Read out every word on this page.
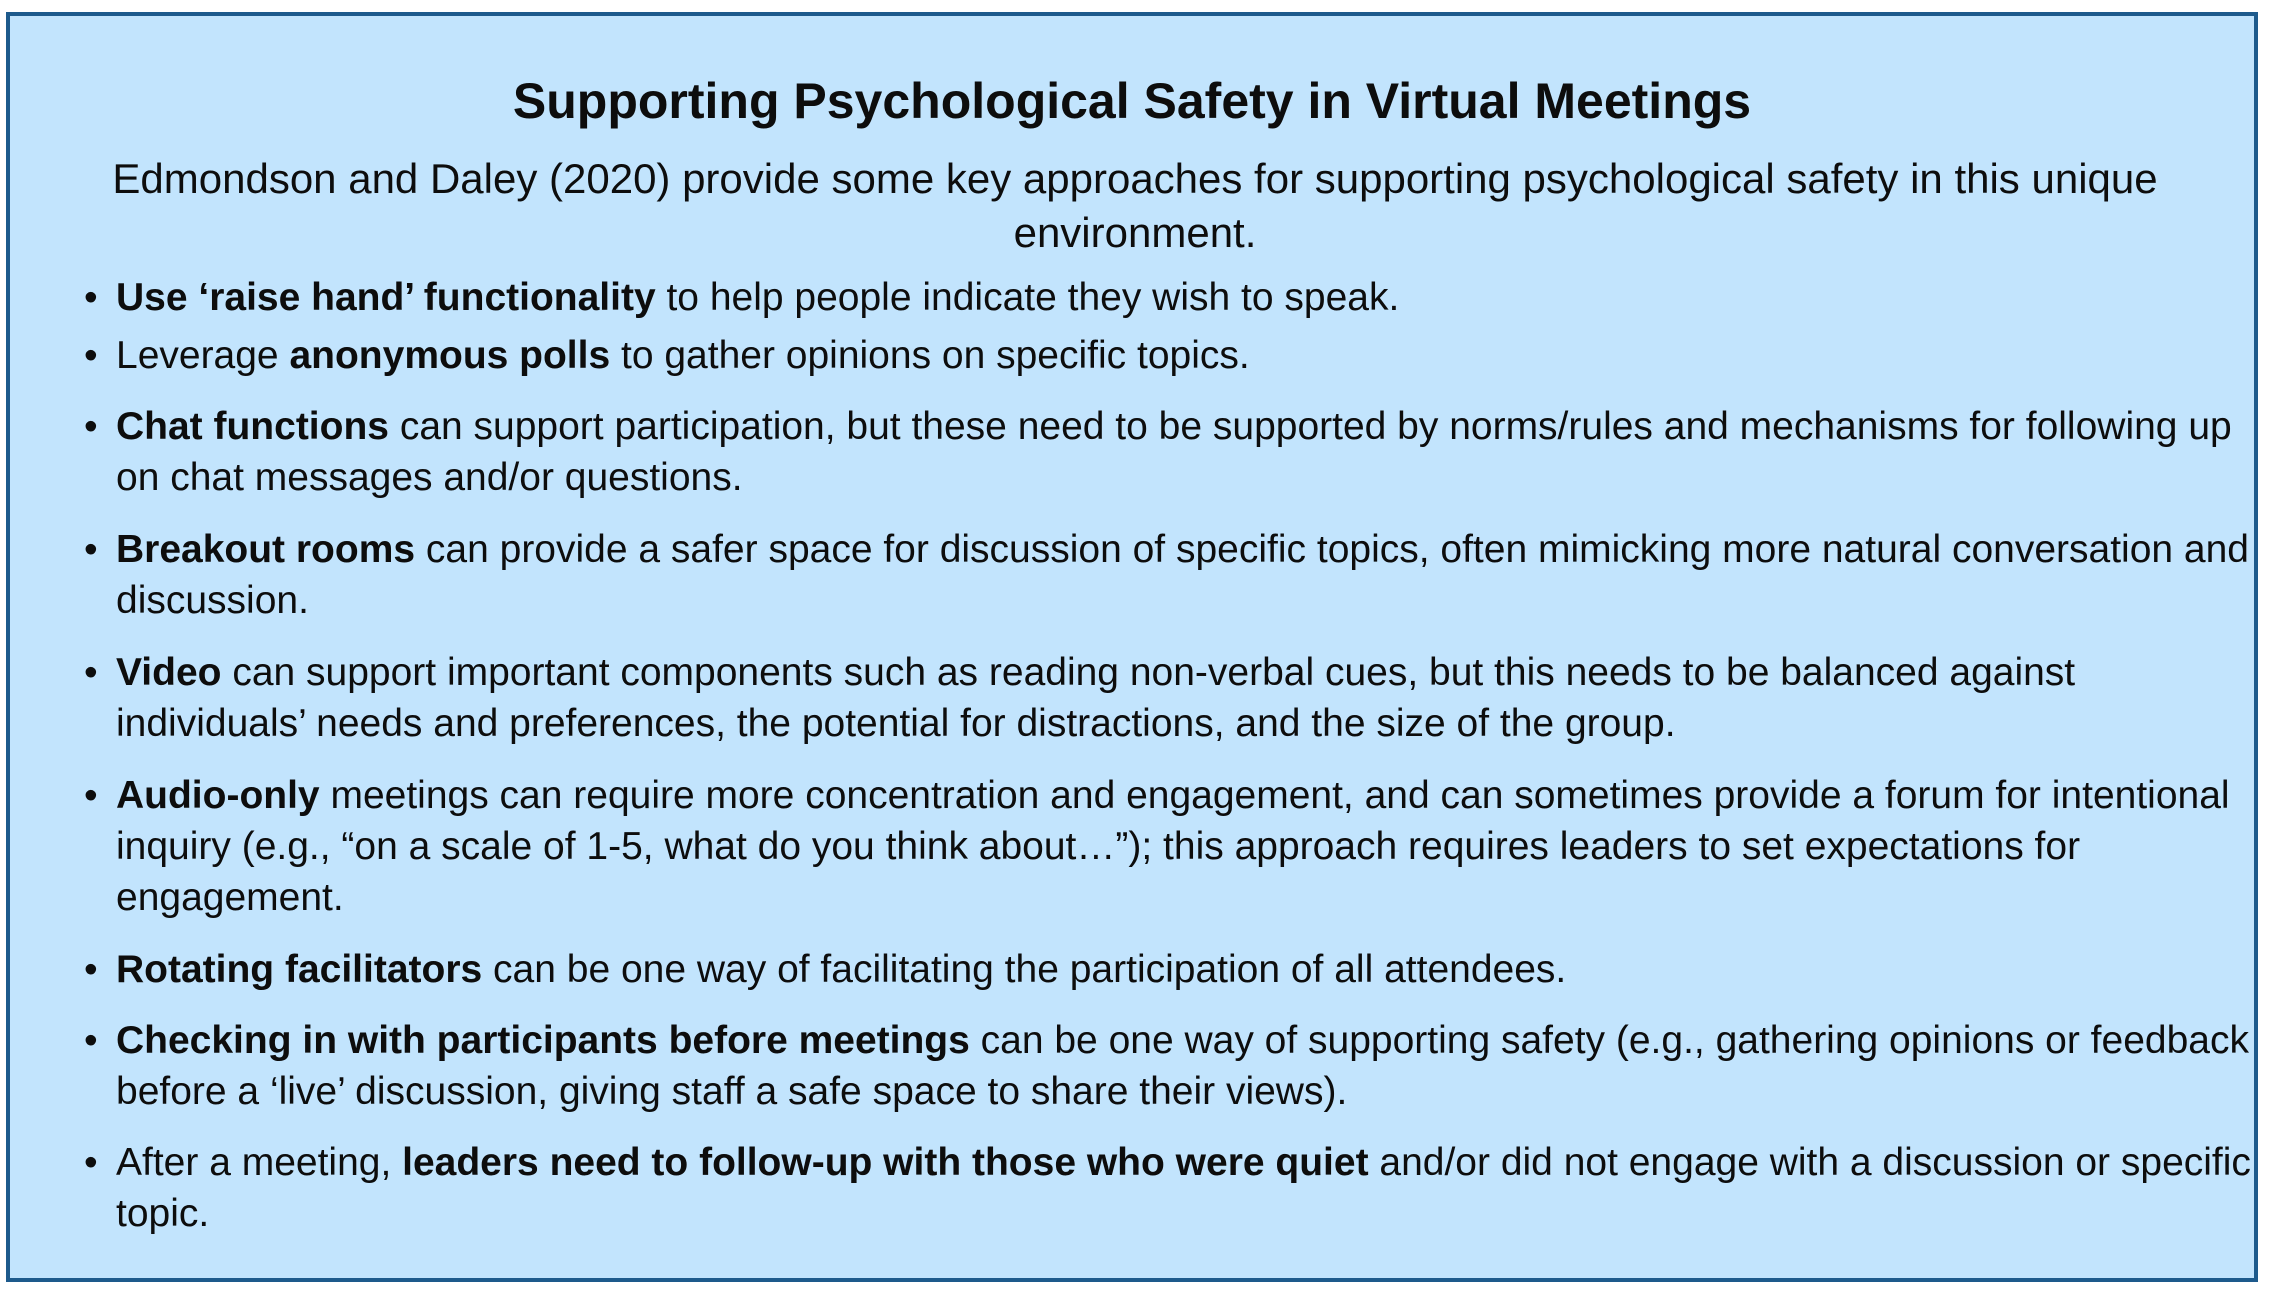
Supporting Psychological Safety in Virtual Meetings

Edmondson and Daley (2020) provide some key approaches for supporting psychological safety in this unique environment.

• Use ‘raise hand’ functionality to help people indicate they wish to speak.
• Leverage anonymous polls to gather opinions on specific topics.
• Chat functions can support participation, but these need to be supported by norms/rules and mechanisms for following up on chat messages and/or questions.
• Breakout rooms can provide a safer space for discussion of specific topics, often mimicking more natural conversation and discussion.
• Video can support important components such as reading non-verbal cues, but this needs to be balanced against individuals’ needs and preferences, the potential for distractions, and the size of the group.
• Audio-only meetings can require more concentration and engagement, and can sometimes provide a forum for intentional inquiry (e.g., “on a scale of 1-5, what do you think about…”); this approach requires leaders to set expectations for engagement.
• Rotating facilitators can be one way of facilitating the participation of all attendees.
• Checking in with participants before meetings can be one way of supporting safety (e.g., gathering opinions or feedback before a ‘live’ discussion, giving staff a safe space to share their views).
• After a meeting, leaders need to follow-up with those who were quiet and/or did not engage with a discussion or specific topic.
